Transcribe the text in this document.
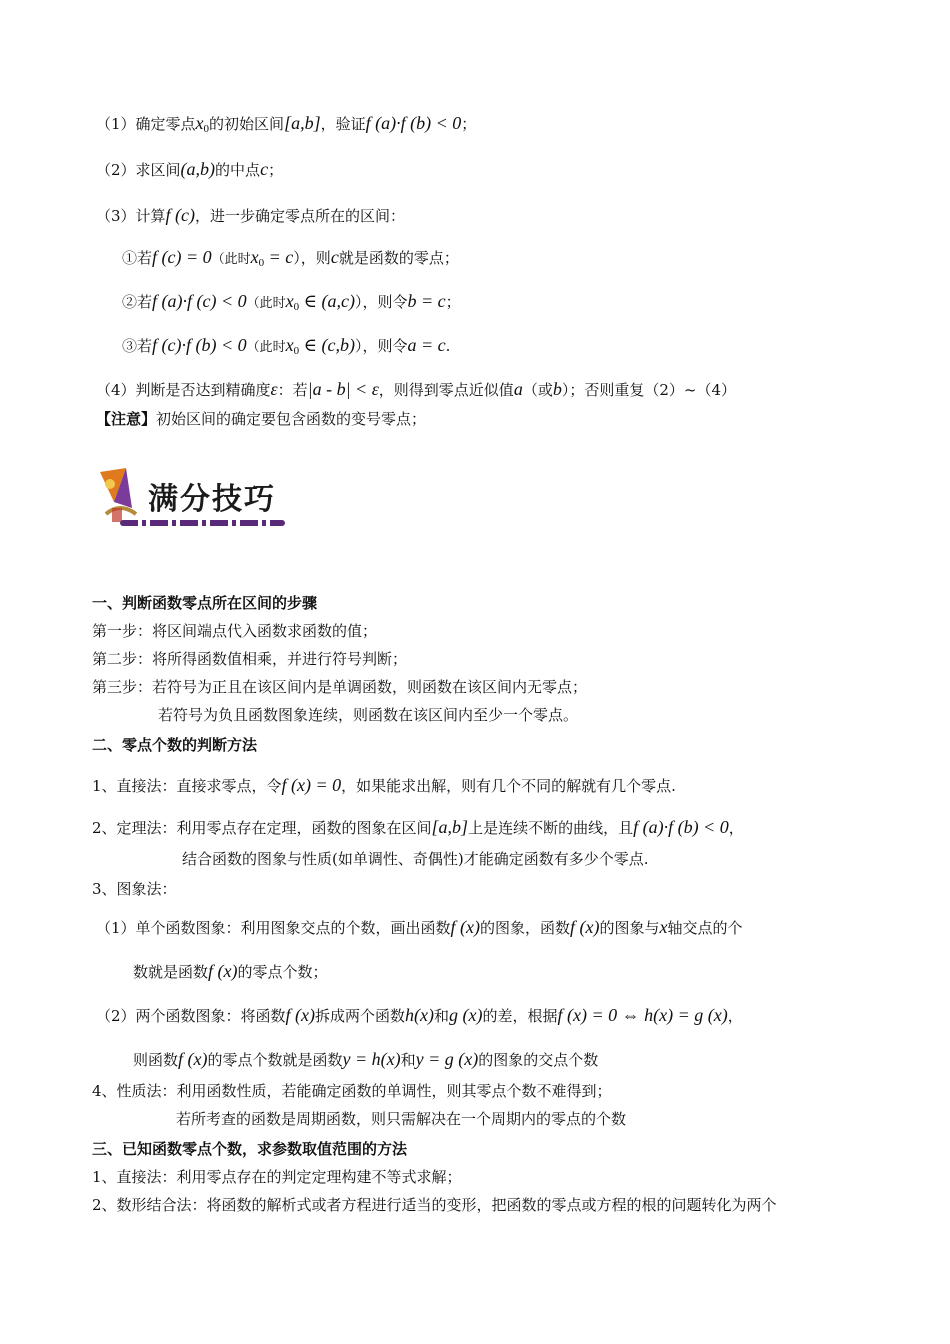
（1）确定零点$x_0$的初始区间[a,b]，验证f (a)·f (b) < 0；
（2）求区间(a,b)的中点c；
（3）计算f (c)，进一步确定零点所在的区间：
①若f (c) = 0（此时$x_0 = c$），则c就是函数的零点；
②若f (a)·f (c) < 0（此时$x_0$ ∈ (a,c)），则令b = c；
③若f (c)·f (b) < 0（此时$x_0$ ∈ (c,b)），则令a = c.
（4）判断是否达到精确度ε：若|a - b| < ε，则得到零点近似值a（或b）；否则重复（2）~（4）
【注意】初始区间的确定要包含函数的变号零点；
满分技巧
一、判断函数零点所在区间的步骤
第一步：将区间端点代入函数求函数的值；
第二步：将所得函数值相乘，并进行符号判断；
第三步：若符号为正且在该区间内是单调函数，则函数在该区间内无零点；
若符号为负且函数图象连续，则函数在该区间内至少一个零点。
二、零点个数的判断方法
1、直接法：直接求零点，令f (x) = 0，如果能求出解，则有几个不同的解就有几个零点.
2、定理法：利用零点存在定理，函数的图象在区间[a,b]上是连续不断的曲线，且f (a)·f (b) < 0，
结合函数的图象与性质(如单调性、奇偶性)才能确定函数有多少个零点.
3、图象法：
（1）单个函数图象：利用图象交点的个数，画出函数f (x)的图象，函数f (x)的图象与x轴交点的个
数就是函数f (x)的零点个数；
（2）两个函数图象：将函数f (x)拆成两个函数h(x)和g (x)的差，根据f (x) = 0 ⇔ h(x) = g (x)，
则函数f (x)的零点个数就是函数y = h(x)和y = g (x)的图象的交点个数
4、性质法：利用函数性质，若能确定函数的单调性，则其零点个数不难得到；
若所考查的函数是周期函数，则只需解决在一个周期内的零点的个数
三、已知函数零点个数，求参数取值范围的方法
1、直接法：利用零点存在的判定定理构建不等式求解；
2、数形结合法：将函数的解析式或者方程进行适当的变形，把函数的零点或方程的根的问题转化为两个
